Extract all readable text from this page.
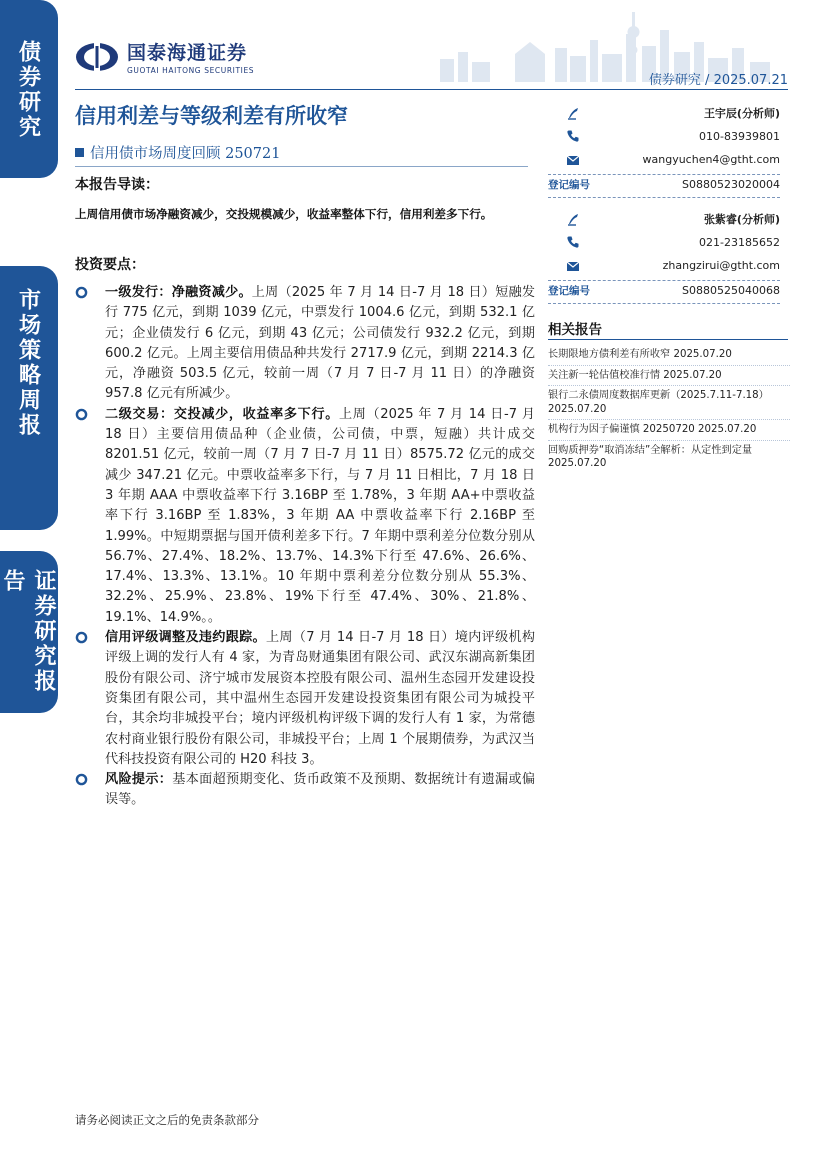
债券研究
市场策略周报
证券研究报告
国泰海通证券
GUOTAI HAITONG SECURITIES
债券研究 / 2025.07.21
信用利差与等级利差有所收窄
信用债市场周度回顾 250721
本报告导读：
上周信用债市场净融资减少，交投规模减少，收益率整体下行，信用利差多下行。
投资要点：
一级发行：净融资减少。上周（2025 年 7 月 14 日-7 月 18 日）短融发行 775 亿元，到期 1039 亿元，中票发行 1004.6 亿元，到期 532.1 亿元；企业债发行 6 亿元，到期 43 亿元；公司债发行 932.2 亿元，到期 600.2 亿元。上周主要信用债品种共发行 2717.9 亿元，到期 2214.3 亿元，净融资 503.5 亿元，较前一周（7 月 7 日-7 月 11 日）的净融资 957.8 亿元有所减少。
二级交易：交投减少，收益率多下行。上周（2025 年 7 月 14 日-7 月 18 日）主要信用债品种（企业债，公司债，中票，短融）共计成交 8201.51 亿元，较前一周（7 月 7 日-7 月 11 日）8575.72 亿元的成交减少 347.21 亿元。中票收益率多下行，与 7 月 11 日相比，7 月 18 日 3 年期 AAA 中票收益率下行 3.16BP 至 1.78%，3 年期 AA+中票收益率下行 3.16BP 至 1.83%，3 年期 AA 中票收益率下行 2.16BP 至 1.99%。中短期票据与国开债利差多下行。7 年期中票利差分位数分别从 56.7%、27.4%、18.2%、13.7%、14.3%下行至 47.6%、26.6%、17.4%、13.3%、13.1%。10 年期中票利差分位数分别从 55.3%、32.2%、25.9%、23.8%、19%下行至 47.4%、30%、21.8%、19.1%、14.9%。。
信用评级调整及违约跟踪。上周（7 月 14 日-7 月 18 日）境内评级机构评级上调的发行人有 4 家，为青岛财通集团有限公司、武汉东湖高新集团股份有限公司、济宁城市发展资本控股有限公司、温州生态园开发建设投资集团有限公司，其中温州生态园开发建设投资集团有限公司为城投平台，其余均非城投平台；境内评级机构评级下调的发行人有 1 家，为常德农村商业银行股份有限公司，非城投平台；上周 1 个展期债券，为武汉当代科技投资有限公司的 H20 科技 3。
风险提示：基本面超预期变化、货币政策不及预期、数据统计有遗漏或偏误等。
王宇辰(分析师)
010-83939801
wangyuchen4@gtht.com
登记编号	S0880523020004
张紫睿(分析师)
021-23185652
zhangzirui@gtht.com
登记编号	S0880525040068
相关报告
长期限地方债利差有所收窄 2025.07.20
关注新一轮估值校准行情 2025.07.20
银行二永债周度数据库更新（2025.7.11-7.18）2025.07.20
机构行为因子偏谨慎 20250720 2025.07.20
回购质押券“取消冻结”全解析：从定性到定量 2025.07.20
请务必阅读正文之后的免责条款部分
